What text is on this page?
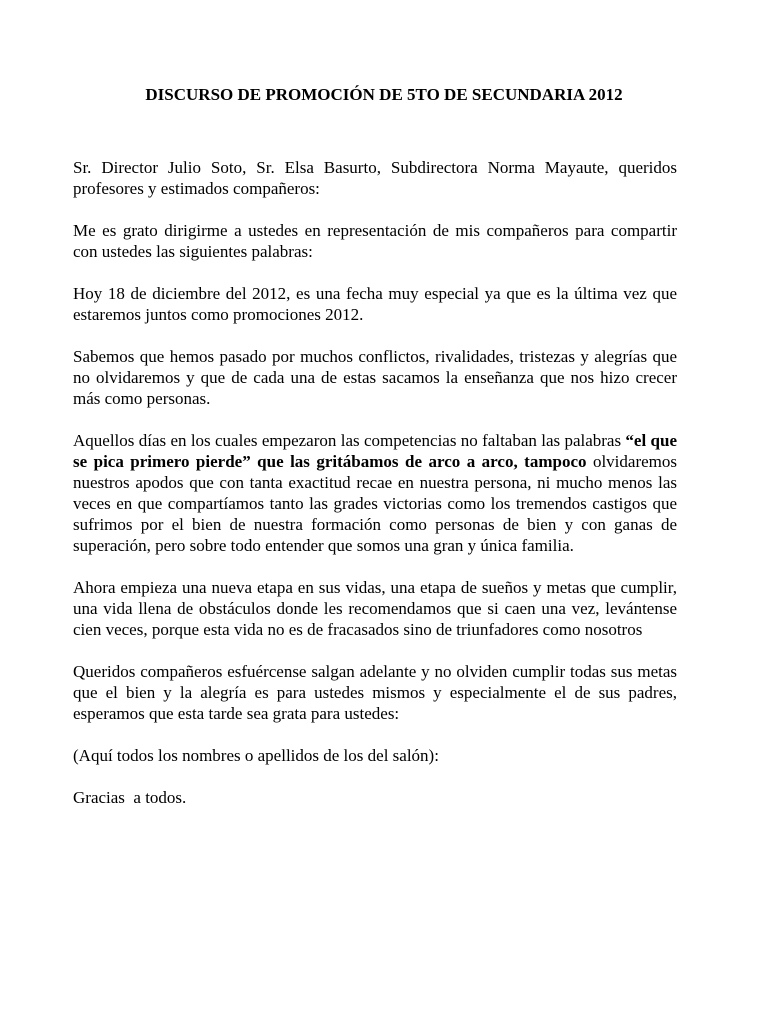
DISCURSO DE PROMOCIÓN DE 5TO DE SECUNDARIA 2012

Sr. Director Julio Soto, Sr. Elsa Basurto, Subdirectora Norma Mayaute, queridos profesores y estimados compañeros:

Me es grato dirigirme a ustedes en representación de mis compañeros para compartir con ustedes las siguientes palabras:

Hoy 18 de diciembre del 2012, es una fecha muy especial ya que es la última vez que estaremos juntos como promociones 2012.

Sabemos que hemos pasado por muchos conflictos, rivalidades, tristezas y alegrías que no olvidaremos y que de cada una de estas sacamos la enseñanza que nos hizo crecer más como personas.

Aquellos días en los cuales empezaron las competencias no faltaban las palabras “el que se pica primero pierde” que las gritábamos de arco a arco, tampoco olvidaremos nuestros apodos que con tanta exactitud recae en nuestra persona, ni mucho menos las veces en que compartíamos tanto las grades victorias como los tremendos castigos que sufrimos por el bien de nuestra formación como personas de bien y con ganas de superación, pero sobre todo entender que somos una gran y única familia.

Ahora empieza una nueva etapa en sus vidas, una etapa de sueños y metas que cumplir, una vida llena de obstáculos donde les recomendamos que si caen una vez, levántense cien veces, porque esta vida no es de fracasados sino de triunfadores como nosotros

Queridos compañeros esfuércense salgan adelante y no olviden cumplir todas sus metas que el bien y la alegría es para ustedes mismos y especialmente el de sus padres, esperamos que esta tarde sea grata para ustedes:

(Aquí todos los nombres o apellidos de los del salón):

Gracias  a todos.
